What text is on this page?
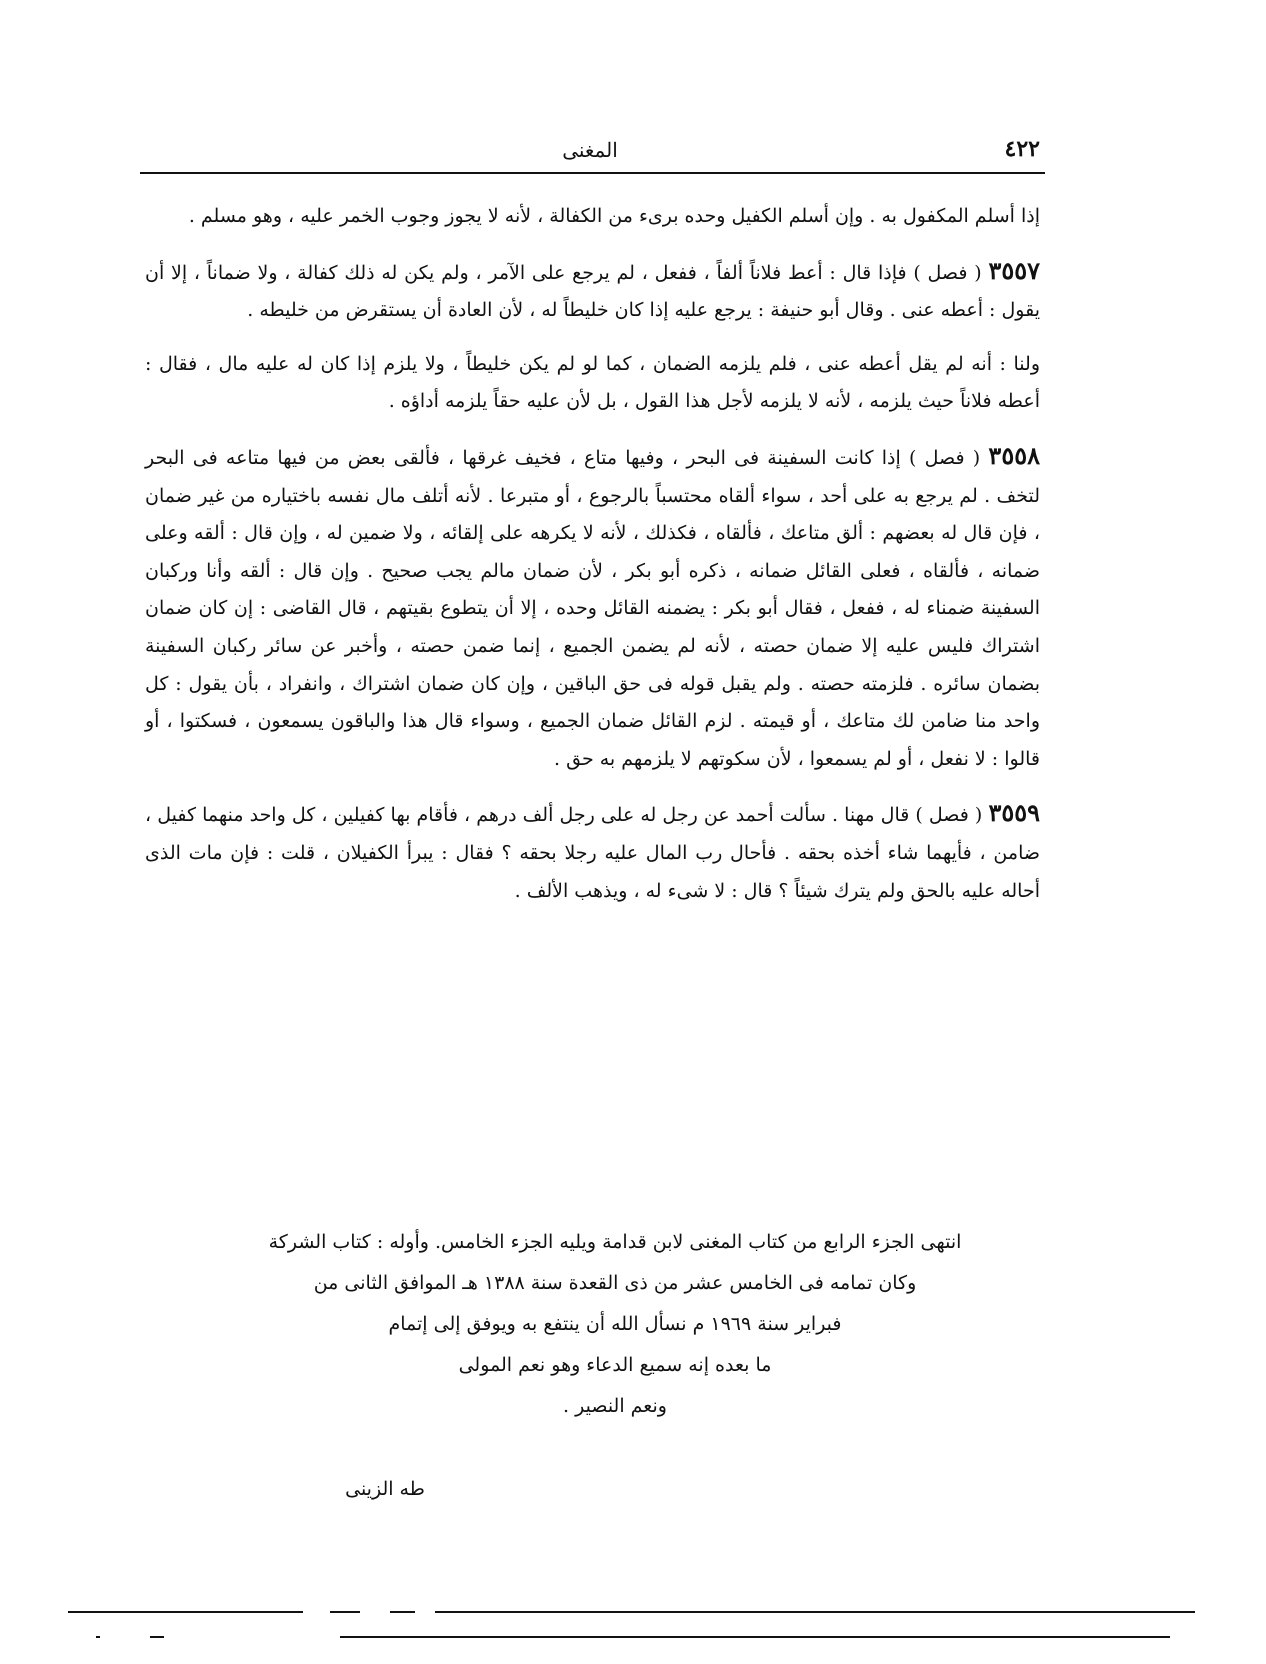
٤٢٢
المغنى

إذا أسلم المكفول به . وإن أسلم الكفيل وحده برىء من الكفالة ، لأنه لا يجوز وجوب الخمر عليه ، وهو مسلم .

٣٥٥٧ ( فصل ) فإذا قال : أعط فلاناً ألفاً ، ففعل ، لم يرجع على الآمر ، ولم يكن له ذلك كفالة ، ولا ضماناً ، إلا أن يقول : أعطه عنى . وقال أبو حنيفة : يرجع عليه إذا كان خليطاً له ، لأن العادة أن يستقرض من خليطه .

ولنا : أنه لم يقل أعطه عنى ، فلم يلزمه الضمان ، كما لو لم يكن خليطاً ، ولا يلزم إذا كان له عليه مال ، فقال : أعطه فلاناً حيث يلزمه ، لأنه لا يلزمه لأجل هذا القول ، بل لأن عليه حقاً يلزمه أداؤه .

٣٥٥٨ ( فصل ) إذا كانت السفينة فى البحر ، وفيها متاع ، فخيف غرقها ، فألقى بعض من فيها متاعه فى البحر لتخف . لم يرجع به على أحد ، سواء ألقاه محتسباً بالرجوع ، أو متبرعا . لأنه أتلف مال نفسه باختياره من غير ضمان ، فإن قال له بعضهم : ألق متاعك ، فألقاه ، فكذلك ، لأنه لا يكرهه على إلقائه ، ولا ضمين له ، وإن قال : ألقه وعلى ضمانه ، فألقاه ، فعلى القائل ضمانه ، ذكره أبو بكر ، لأن ضمان مالم يجب صحيح . وإن قال : ألقه وأنا وركبان السفينة ضمناء له ، ففعل ، فقال أبو بكر : يضمنه القائل وحده ، إلا أن يتطوع بقيتهم ، قال القاضى : إن كان ضمان اشتراك فليس عليه إلا ضمان حصته ، لأنه لم يضمن الجميع ، إنما ضمن حصته ، وأخبر عن سائر ركبان السفينة بضمان سائره . فلزمته حصته . ولم يقبل قوله فى حق الباقين ، وإن كان ضمان اشتراك ، وانفراد ، بأن يقول : كل واحد منا ضامن لك متاعك ، أو قيمته . لزم القائل ضمان الجميع ، وسواء قال هذا والباقون يسمعون ، فسكتوا ، أو قالوا : لا نفعل ، أو لم يسمعوا ، لأن سكوتهم لا يلزمهم به حق .

٣٥٥٩ ( فصل ) قال مهنا . سألت أحمد عن رجل له على رجل ألف درهم ، فأقام بها كفيلين ، كل واحد منهما كفيل ، ضامن ، فأيهما شاء أخذه بحقه . فأحال رب المال عليه رجلا بحقه ؟ فقال : يبرأ الكفيلان ، قلت : فإن مات الذى أحاله عليه بالحق ولم يترك شيئاً ؟ قال : لا شىء له ، ويذهب الألف .

انتهى الجزء الرابع من كتاب المغنى لابن قدامة ويليه الجزء الخامس. وأوله : كتاب الشركة

وكان تمامه فى الخامس عشر من ذى القعدة سنة ١٣٨٨ هـ الموافق الثانى من

فبراير سنة ١٩٦٩ م نسأل الله أن ينتفع به ويوفق إلى إتمام

ما بعده إنه سميع الدعاء وهو نعم المولى

ونعم النصير .

طه الزينى
